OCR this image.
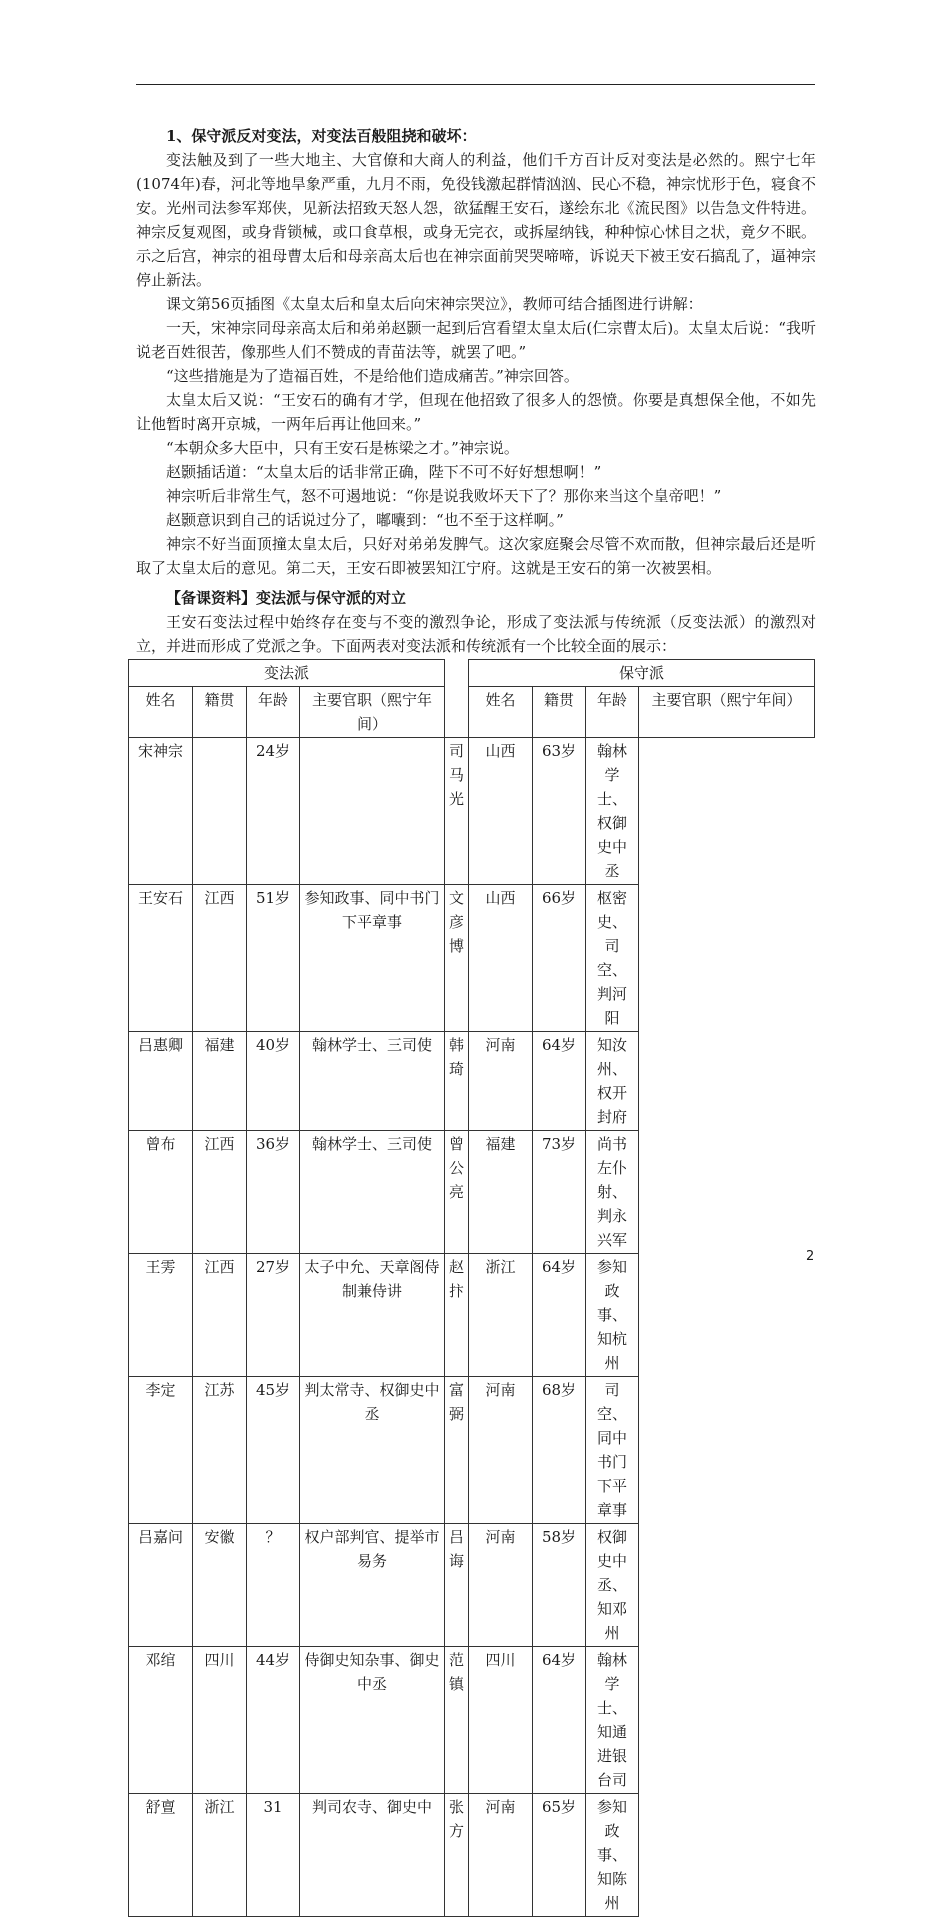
1、保守派反对变法，对变法百般阻挠和破坏：

变法触及到了一些大地主、大官僚和大商人的利益，他们千方百计反对变法是必然的。熙宁七年(1074年)春，河北等地旱象严重，九月不雨，免役钱激起群情汹汹、民心不稳，神宗忧形于色，寝食不安。光州司法参军郑侠，见新法招致天怒人怨，欲猛醒王安石，遂绘东北《流民图》以告急文件特进。神宗反复观图，或身背锁械，或口食草根，或身无完衣，或拆屋纳钱，种种惊心怵目之状，竟夕不眠。示之后宫，神宗的祖母曹太后和母亲高太后也在神宗面前哭哭啼啼，诉说天下被王安石搞乱了，逼神宗停止新法。

课文第56页插图《太皇太后和皇太后向宋神宗哭泣》，教师可结合插图进行讲解：

一天，宋神宗同母亲高太后和弟弟赵颢一起到后宫看望太皇太后(仁宗曹太后)。太皇太后说：“我听说老百姓很苦，像那些人们不赞成的青苗法等，就罢了吧。”

“这些措施是为了造福百姓，不是给他们造成痛苦。”神宗回答。

太皇太后又说：“王安石的确有才学，但现在他招致了很多人的怨愤。你要是真想保全他，不如先让他暂时离开京城，一两年后再让他回来。”

“本朝众多大臣中，只有王安石是栋梁之才。”神宗说。

赵颢插话道：“太皇太后的话非常正确，陛下不可不好好想想啊！”

神宗听后非常生气，怒不可遏地说：“你是说我败坏天下了？那你来当这个皇帝吧！”

赵颢意识到自己的话说过分了，嘟囔到：“也不至于这样啊。”

神宗不好当面顶撞太皇太后，只好对弟弟发脾气。这次家庭聚会尽管不欢而散，但神宗最后还是听取了太皇太后的意见。第二天，王安石即被罢知江宁府。这就是王安石的第一次被罢相。

【备课资料】变法派与保守派的对立

王安石变法过程中始终存在变与不变的激烈争论，形成了变法派与传统派（反变法派）的激烈对立，并进而形成了党派之争。下面两表对变法派和传统派有一个比较全面的展示：

变法派					保守派			
姓名	籍贯	年龄	主要官职（熙宁年间）		姓名	籍贯	年龄	主要官职（熙宁年间）
宋神宗		24岁		司马光	山西	63岁	翰林学士、权御史中丞	
王安石	江西	51岁	参知政事、同中书门下平章事	文彦博	山西	66岁	枢密史、司空、判河阳	
吕惠卿	福建	40岁	翰林学士、三司使	韩琦	河南	64岁	知汝州、权开封府	
曾布	江西	36岁	翰林学士、三司使	曾公亮	福建	73岁	尚书左仆射、判永兴军	
王雱	江西	27岁	太子中允、天章阁侍制兼侍讲	赵抃	浙江	64岁	参知政事、知杭州	
李定	江苏	45岁	判太常寺、权御史中丞	富弼	河南	68岁	司空、同中书门下平章事	
吕嘉问	安徽	？	权户部判官、提举市易务	吕诲	河南	58岁	权御史中丞、知邓州	
邓绾	四川	44岁	侍御史知杂事、御史中丞	范镇	四川	64岁	翰林学士、知通进银台司	
舒亶	浙江	31	判司农寺、御史中	张方	河南	65岁	参知政事、知陈州	
2
